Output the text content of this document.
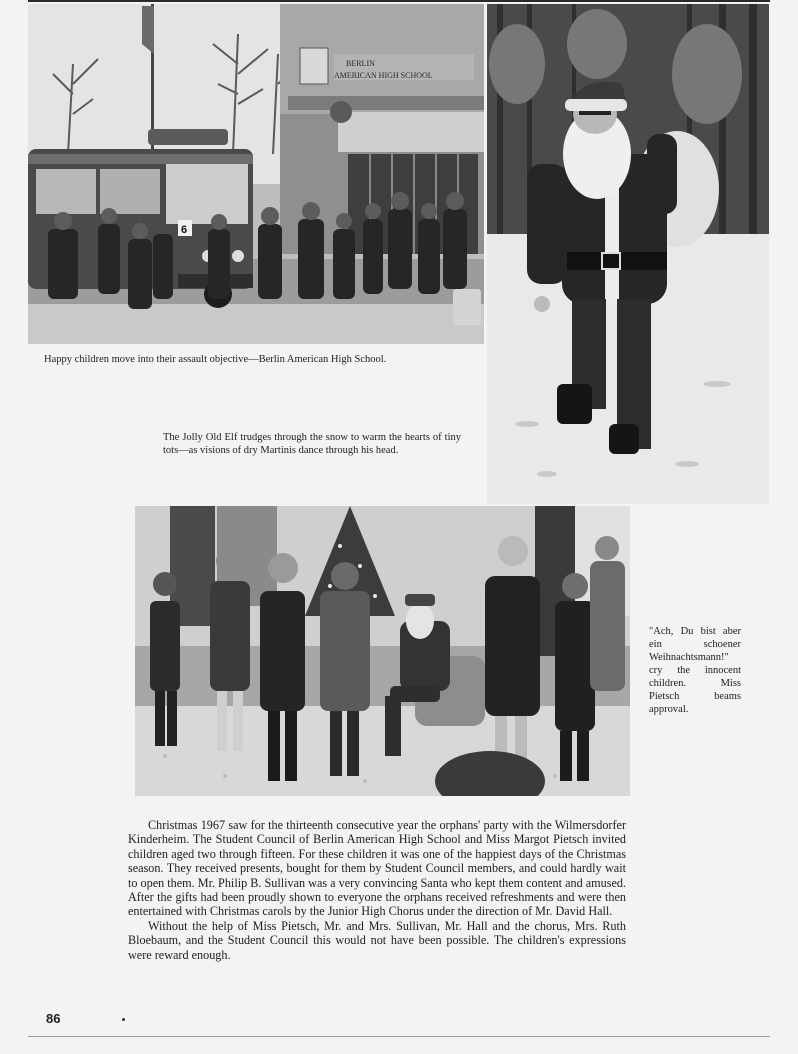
BERLIN
AMERICAN HIGH SCHOOL
6
Happy children move into their assault objective—Berlin American High School.
The Jolly Old Elf trudges through the snow to warm the hearts of tiny tots—as visions of dry Martinis dance through his head.
"Ach, Du bist aber ein schoener Weihnachtsmann!" cry the innocent children. Miss Pietsch beams approval.

Christmas 1967 saw for the thirteenth consecutive year the orphans' party with the Wilmersdorfer Kinderheim. The Student Council of Berlin American High School and Miss Margot Pietsch invited children aged two through fifteen. For these children it was one of the happiest days of the Christmas season. They received presents, bought for them by Student Council members, and could hardly wait to open them. Mr. Philip B. Sullivan was a very convincing Santa who kept them content and amused. After the gifts had been proudly shown to everyone the orphans received refreshments and were then entertained with Christmas carols by the Junior High Chorus under the direction of Mr. David Hall.

Without the help of Miss Pietsch, Mr. and Mrs. Sullivan, Mr. Hall and the chorus, Mrs. Ruth Bloebaum, and the Student Council this would not have been possible. The children's expressions were reward enough.

86
